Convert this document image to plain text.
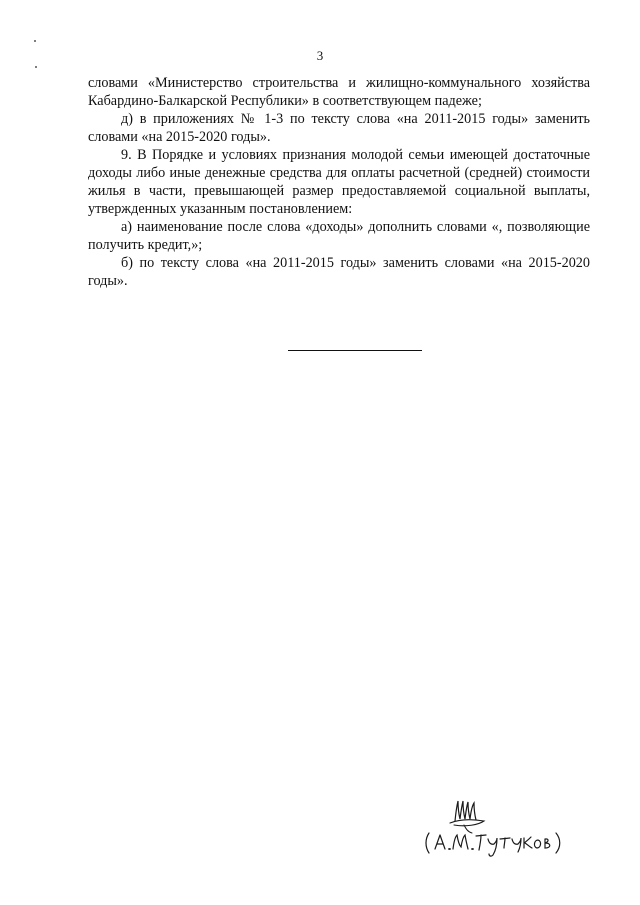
3

словами «Министерство строительства и жилищно-коммунального хозяйства Кабардино-Балкарской Республики» в соответствующем падеже;

д) в приложениях № 1-3 по тексту слова «на 2011-2015 годы» заменить словами «на 2015-2020 годы».

9. В Порядке и условиях признания молодой семьи имеющей достаточные доходы либо иные денежные средства для оплаты расчетной (средней) стоимости жилья в части, превышающей размер предоставляемой социальной выплаты, утвержденных указанным постановлением:

а) наименование после слова «доходы» дополнить словами «, позволяющие получить кредит,»;

б) по тексту слова «на 2011-2015 годы» заменить словами «на 2015-2020 годы».
